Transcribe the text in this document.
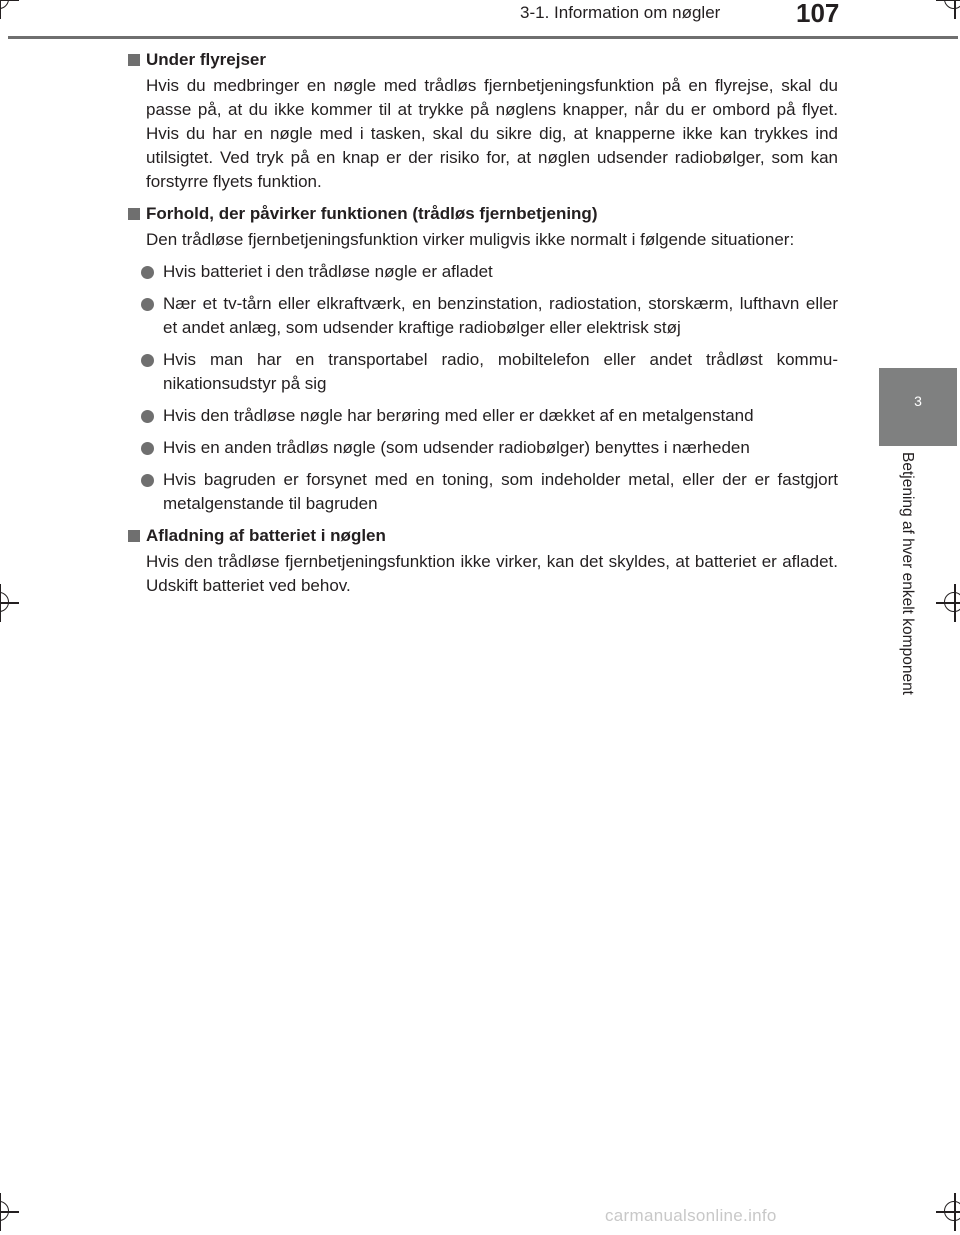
3-1. Information om nøgler	107
3
Betjening af hver enkelt komponent
Under flyrejser
Hvis du medbringer en nøgle med trådløs fjernbetjeningsfunktion på en flyrejse, skal du passe på, at du ikke kommer til at trykke på nøglens knapper, når du er ombord på flyet. Hvis du har en nøgle med i tasken, skal du sikre dig, at knapperne ikke kan trykkes ind utilsigtet. Ved tryk på en knap er der risiko for, at nøglen udsender radiobølger, som kan forstyrre flyets funktion.
Forhold, der påvirker funktionen (trådløs fjernbetjening)
Den trådløse fjernbetjeningsfunktion virker muligvis ikke normalt i følgende situationer:
Hvis batteriet i den trådløse nøgle er afladet
Nær et tv-tårn eller elkraftværk, en benzinstation, radiostation, storskærm, lufthavn eller et andet anlæg, som udsender kraftige radiobølger eller elektrisk støj
Hvis man har en transportabel radio, mobiltelefon eller andet trådløst kommu-nikationsudstyr på sig
Hvis den trådløse nøgle har berøring med eller er dækket af en metalgenstand
Hvis en anden trådløs nøgle (som udsender radiobølger) benyttes i nærheden
Hvis bagruden er forsynet med en toning, som indeholder metal, eller der er fastgjort metalgenstande til bagruden
Afladning af batteriet i nøglen
Hvis den trådløse fjernbetjeningsfunktion ikke virker, kan det skyldes, at batteriet er afladet. Udskift batteriet ved behov.
carmanualsonline.info
